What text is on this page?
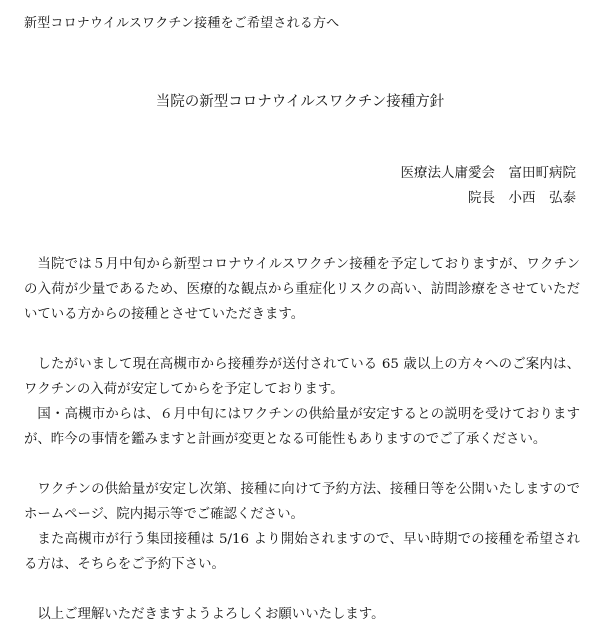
新型コロナウイルスワクチン接種をご希望される方へ
当院の新型コロナウイルスワクチン接種方針
医療法人庸愛会　富田町病院
院長　小西　弘泰

当院では５月中旬から新型コロナウイルスワクチン接種を予定しておりますが、ワクチンの入荷が少量であるため、医療的な観点から重症化リスクの高い、訪問診療をさせていただいている方からの接種とさせていただきます。

したがいまして現在高槻市から接種券が送付されている 65 歳以上の方々へのご案内は、ワクチンの入荷が安定してからを予定しております。

国・高槻市からは、６月中旬にはワクチンの供給量が安定するとの説明を受けておりますが、昨今の事情を鑑みますと計画が変更となる可能性もありますのでご了承ください。

ワクチンの供給量が安定し次第、接種に向けて予約方法、接種日等を公開いたしますのでホームページ、院内掲示等でご確認ください。

また高槻市が行う集団接種は 5/16 より開始されますので、早い時期での接種を希望される方は、そちらをご予約下さい。

以上ご理解いただきますようよろしくお願いいたします。
